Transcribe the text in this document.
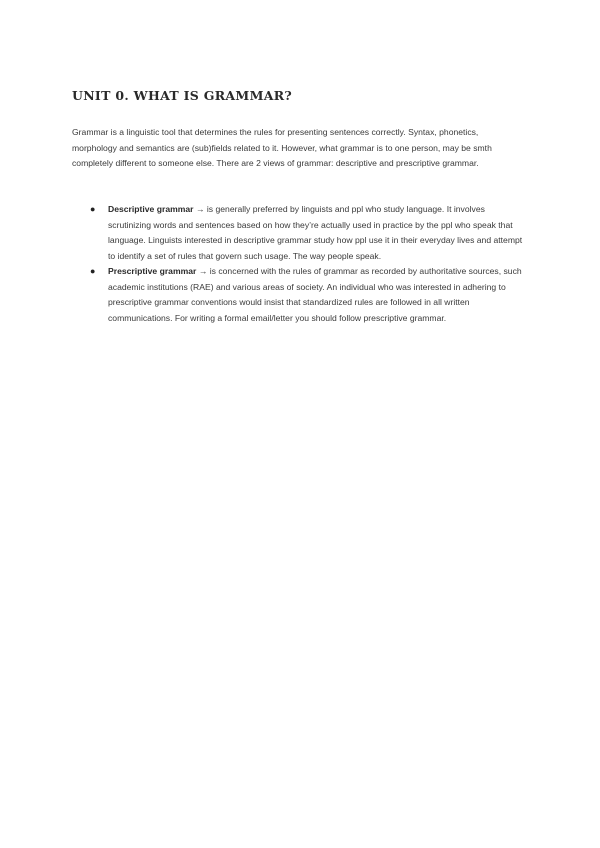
UNIT 0. WHAT IS GRAMMAR?

Grammar is a linguistic tool that determines the rules for presenting sentences correctly. Syntax, phonetics, morphology and semantics are (sub)fields related to it. However, what grammar is to one person, may be smth completely different to someone else. There are 2 views of grammar: descriptive and prescriptive grammar.

● Descriptive grammar → is generally preferred by linguists and ppl who study language. It involves scrutinizing words and sentences based on how they’re actually used in practice by the ppl who speak that language. Linguists interested in descriptive grammar study how ppl use it in their everyday lives and attempt to identify a set of rules that govern such usage. The way people speak.
● Prescriptive grammar → is concerned with the rules of grammar as recorded by authoritative sources, such academic institutions (RAE) and various areas of society. An individual who was interested in adhering to prescriptive grammar conventions would insist that standardized rules are followed in all written communications. For writing a formal email/letter you should follow prescriptive grammar.
